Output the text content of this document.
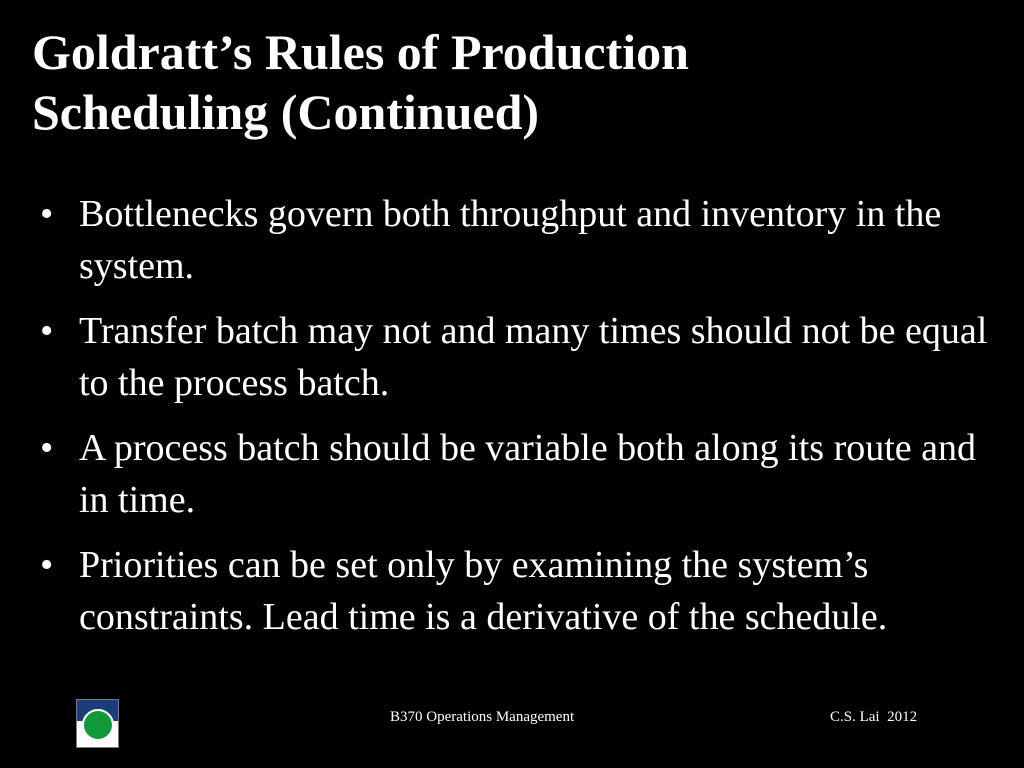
Goldratt’s Rules of Production
Scheduling (Continued)
• Bottlenecks govern both throughput and inventory in the system.
• Transfer batch may not and many times should not be equal to the process batch.
• A process batch should be variable both along its route and in time.
• Priorities can be set only by examining the system’s constraints. Lead time is a derivative of the schedule.
B370 Operations Management	C.S. Lai  2012
